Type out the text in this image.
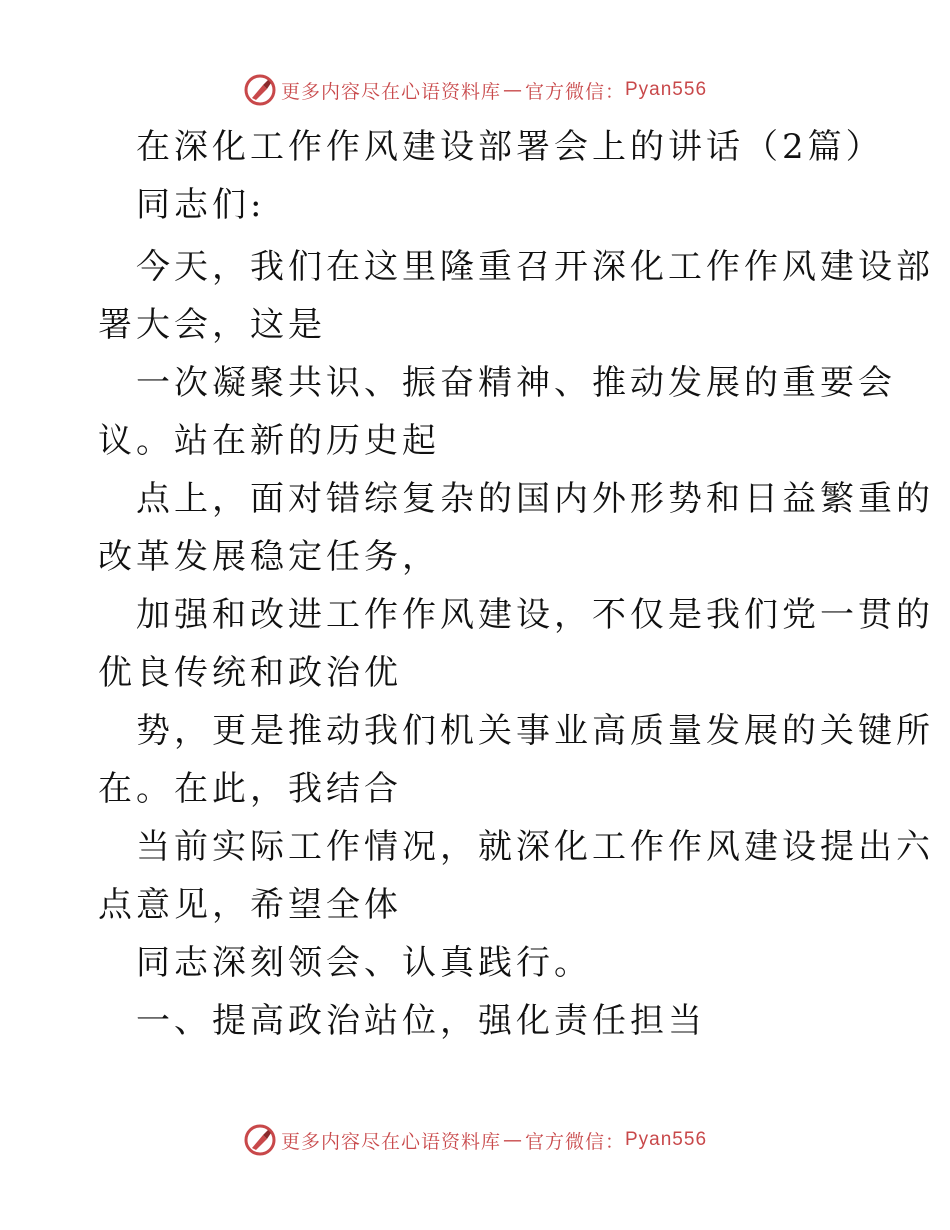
更多内容尽在心语资料库 — 官方微信： Pyan556
在深化工作作风建设部署会上的讲话（2篇）
同志们:
今天，我们在这里隆重召开深化工作作风建设部
署大会，这是
一次凝聚共识、振奋精神、推动发展的重要会
议。站在新的历史起
点上，面对错综复杂的国内外形势和日益繁重的
改革发展稳定任务，
加强和改进工作作风建设，不仅是我们党一贯的
优良传统和政治优
势，更是推动我们机关事业高质量发展的关键所
在。在此，我结合
当前实际工作情况，就深化工作作风建设提出六
点意见，希望全体
同志深刻领会、认真践行。
一、提高政治站位，强化责任担当
更多内容尽在心语资料库 — 官方微信： Pyan556
